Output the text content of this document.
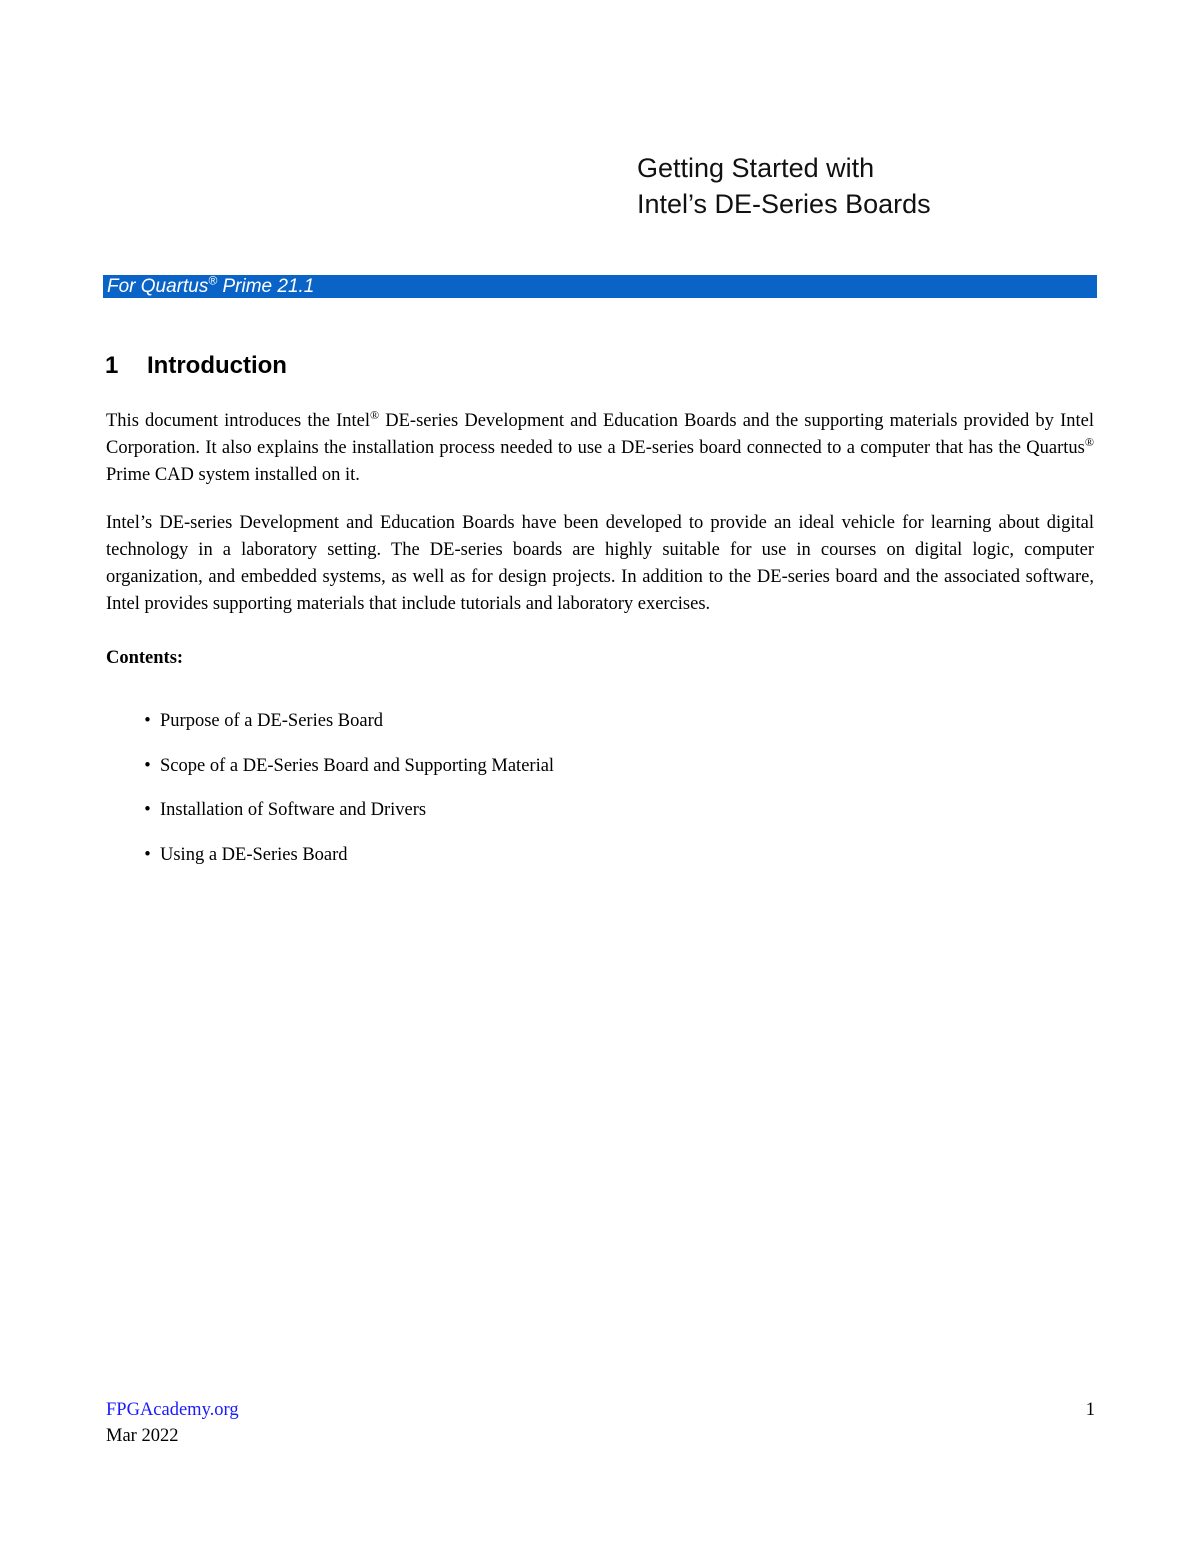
Getting Started with
Intel’s DE-Series Boards
For Quartus® Prime 21.1
1 Introduction

This document introduces the Intel® DE-series Development and Education Boards and the supporting materials provided by Intel Corporation. It also explains the installation process needed to use a DE-series board connected to a computer that has the Quartus® Prime CAD system installed on it.

Intel’s DE-series Development and Education Boards have been developed to provide an ideal vehicle for learning about digital technology in a laboratory setting. The DE-series boards are highly suitable for use in courses on digital logic, computer organization, and embedded systems, as well as for design projects. In addition to the DE-series board and the associated software, Intel provides supporting materials that include tutorials and laboratory exercises.

Contents:
• Purpose of a DE-Series Board
• Scope of a DE-Series Board and Supporting Material
• Installation of Software and Drivers
• Using a DE-Series Board
FPGAcademy.org
Mar 2022
1
